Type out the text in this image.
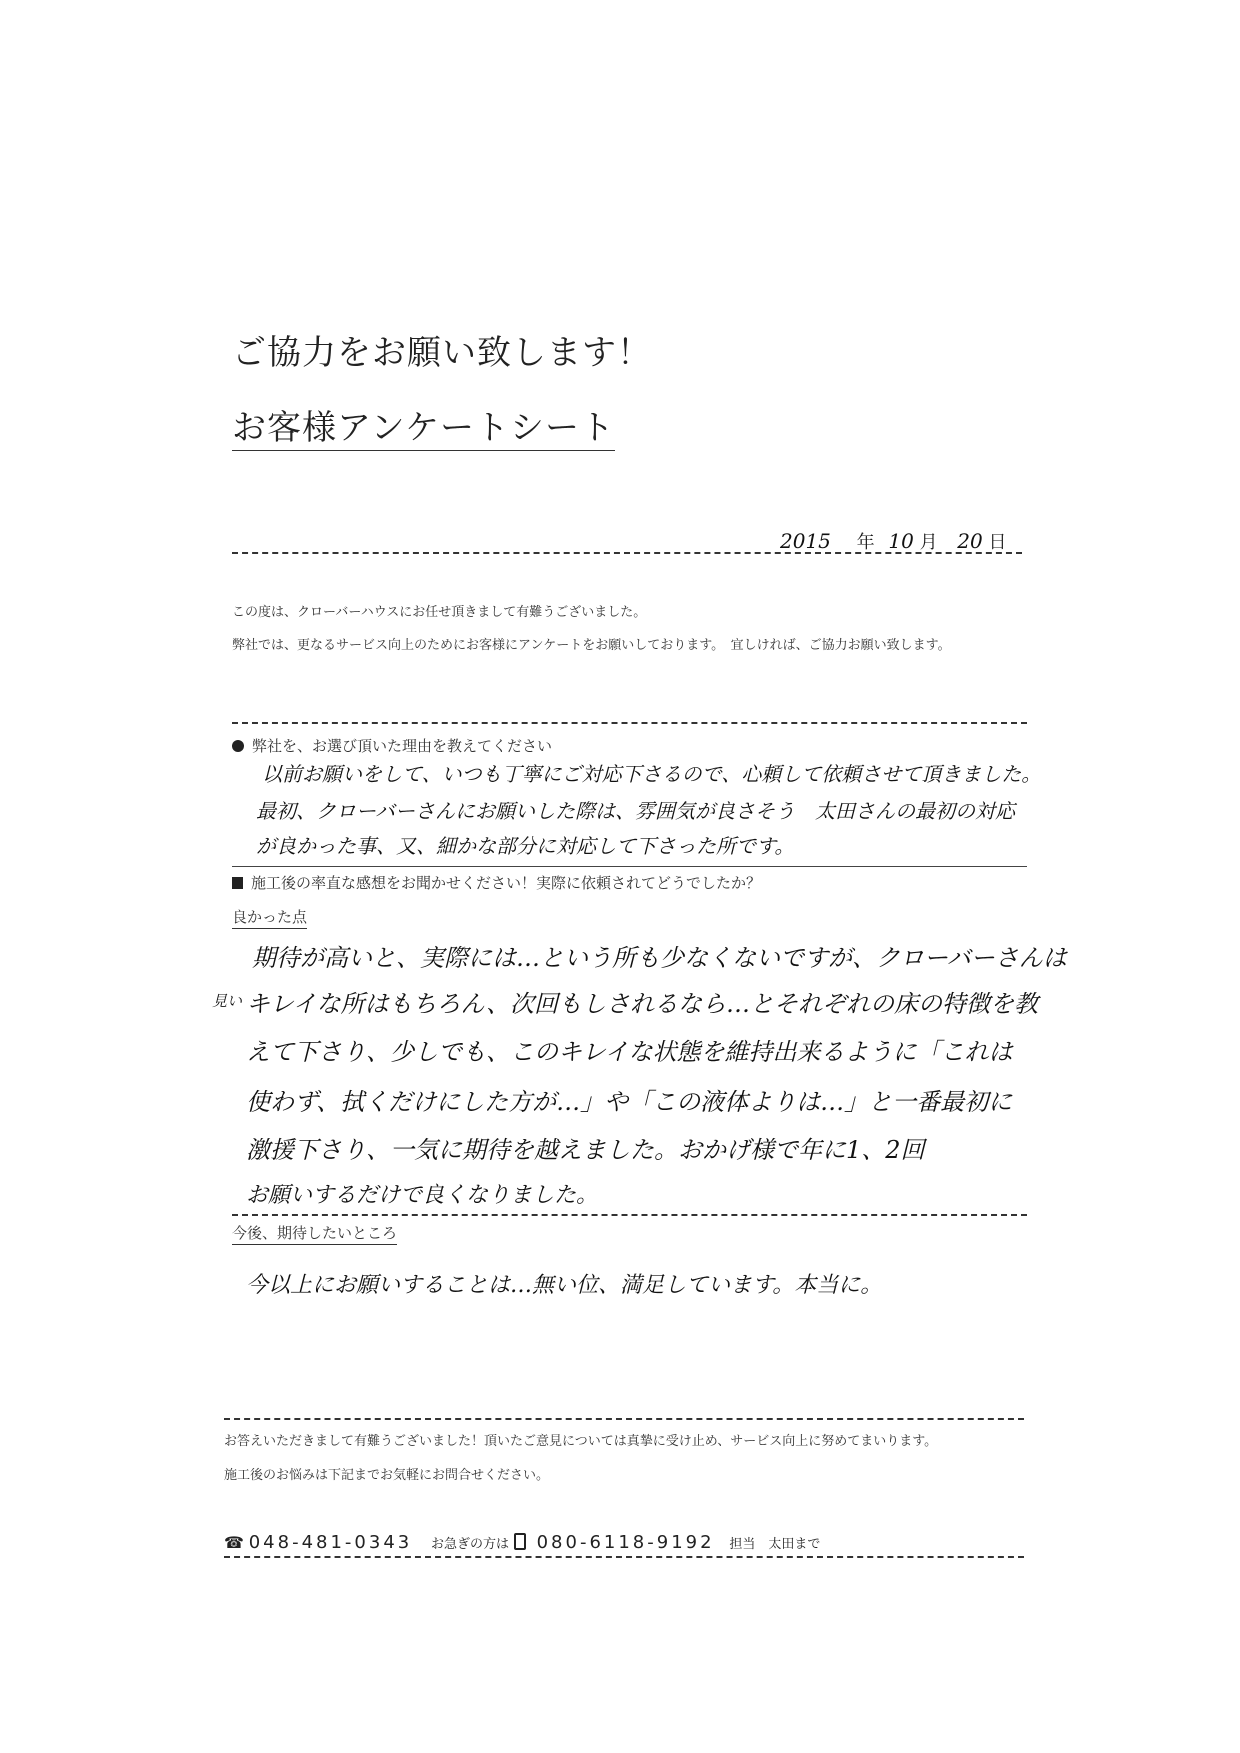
ご協力をお願い致します！
お客様アンケートシート
2015 年 10 月 20 日
この度は、クローバーハウスにお任せ頂きまして有難うございました。
弊社では、更なるサービス向上のためにお客様にアンケートをお願いしております。　宜しければ、ご協力お願い致します。
弊社を、お選び頂いた理由を教えてください
以前お願いをして、いつも丁寧にご対応下さるので、心頼して依頼させて頂きました。
最初、クローバーさんにお願いした際は、雰囲気が良さそう　太田さんの最初の対応
が良かった事、又、細かな部分に対応して下さった所です。
施工後の率直な感想をお聞かせください！実際に依頼されてどうでしたか？
良かった点
見い
期待が高いと、実際には…という所も少なくないですが、クローバーさんは
キレイな所はもちろん、次回もしされるなら…とそれぞれの床の特徴を教
えて下さり、少しでも、このキレイな状態を維持出来るように「これは
使わず、拭くだけにした方が…」や「この液体よりは…」と一番最初に
激援下さり、一気に期待を越えました。おかげ様で年に1、2回
お願いするだけで良くなりました。
今後、期待したいところ
今以上にお願いすることは…無い位、満足しています。本当に。
お答えいただきまして有難うございました！頂いたご意見については真摯に受け止め、サービス向上に努めてまいります。
施工後のお悩みは下記までお気軽にお問合せください。
☎ 048-481-0343 お急ぎの方は 080-6118-9192 担当　太田まで
